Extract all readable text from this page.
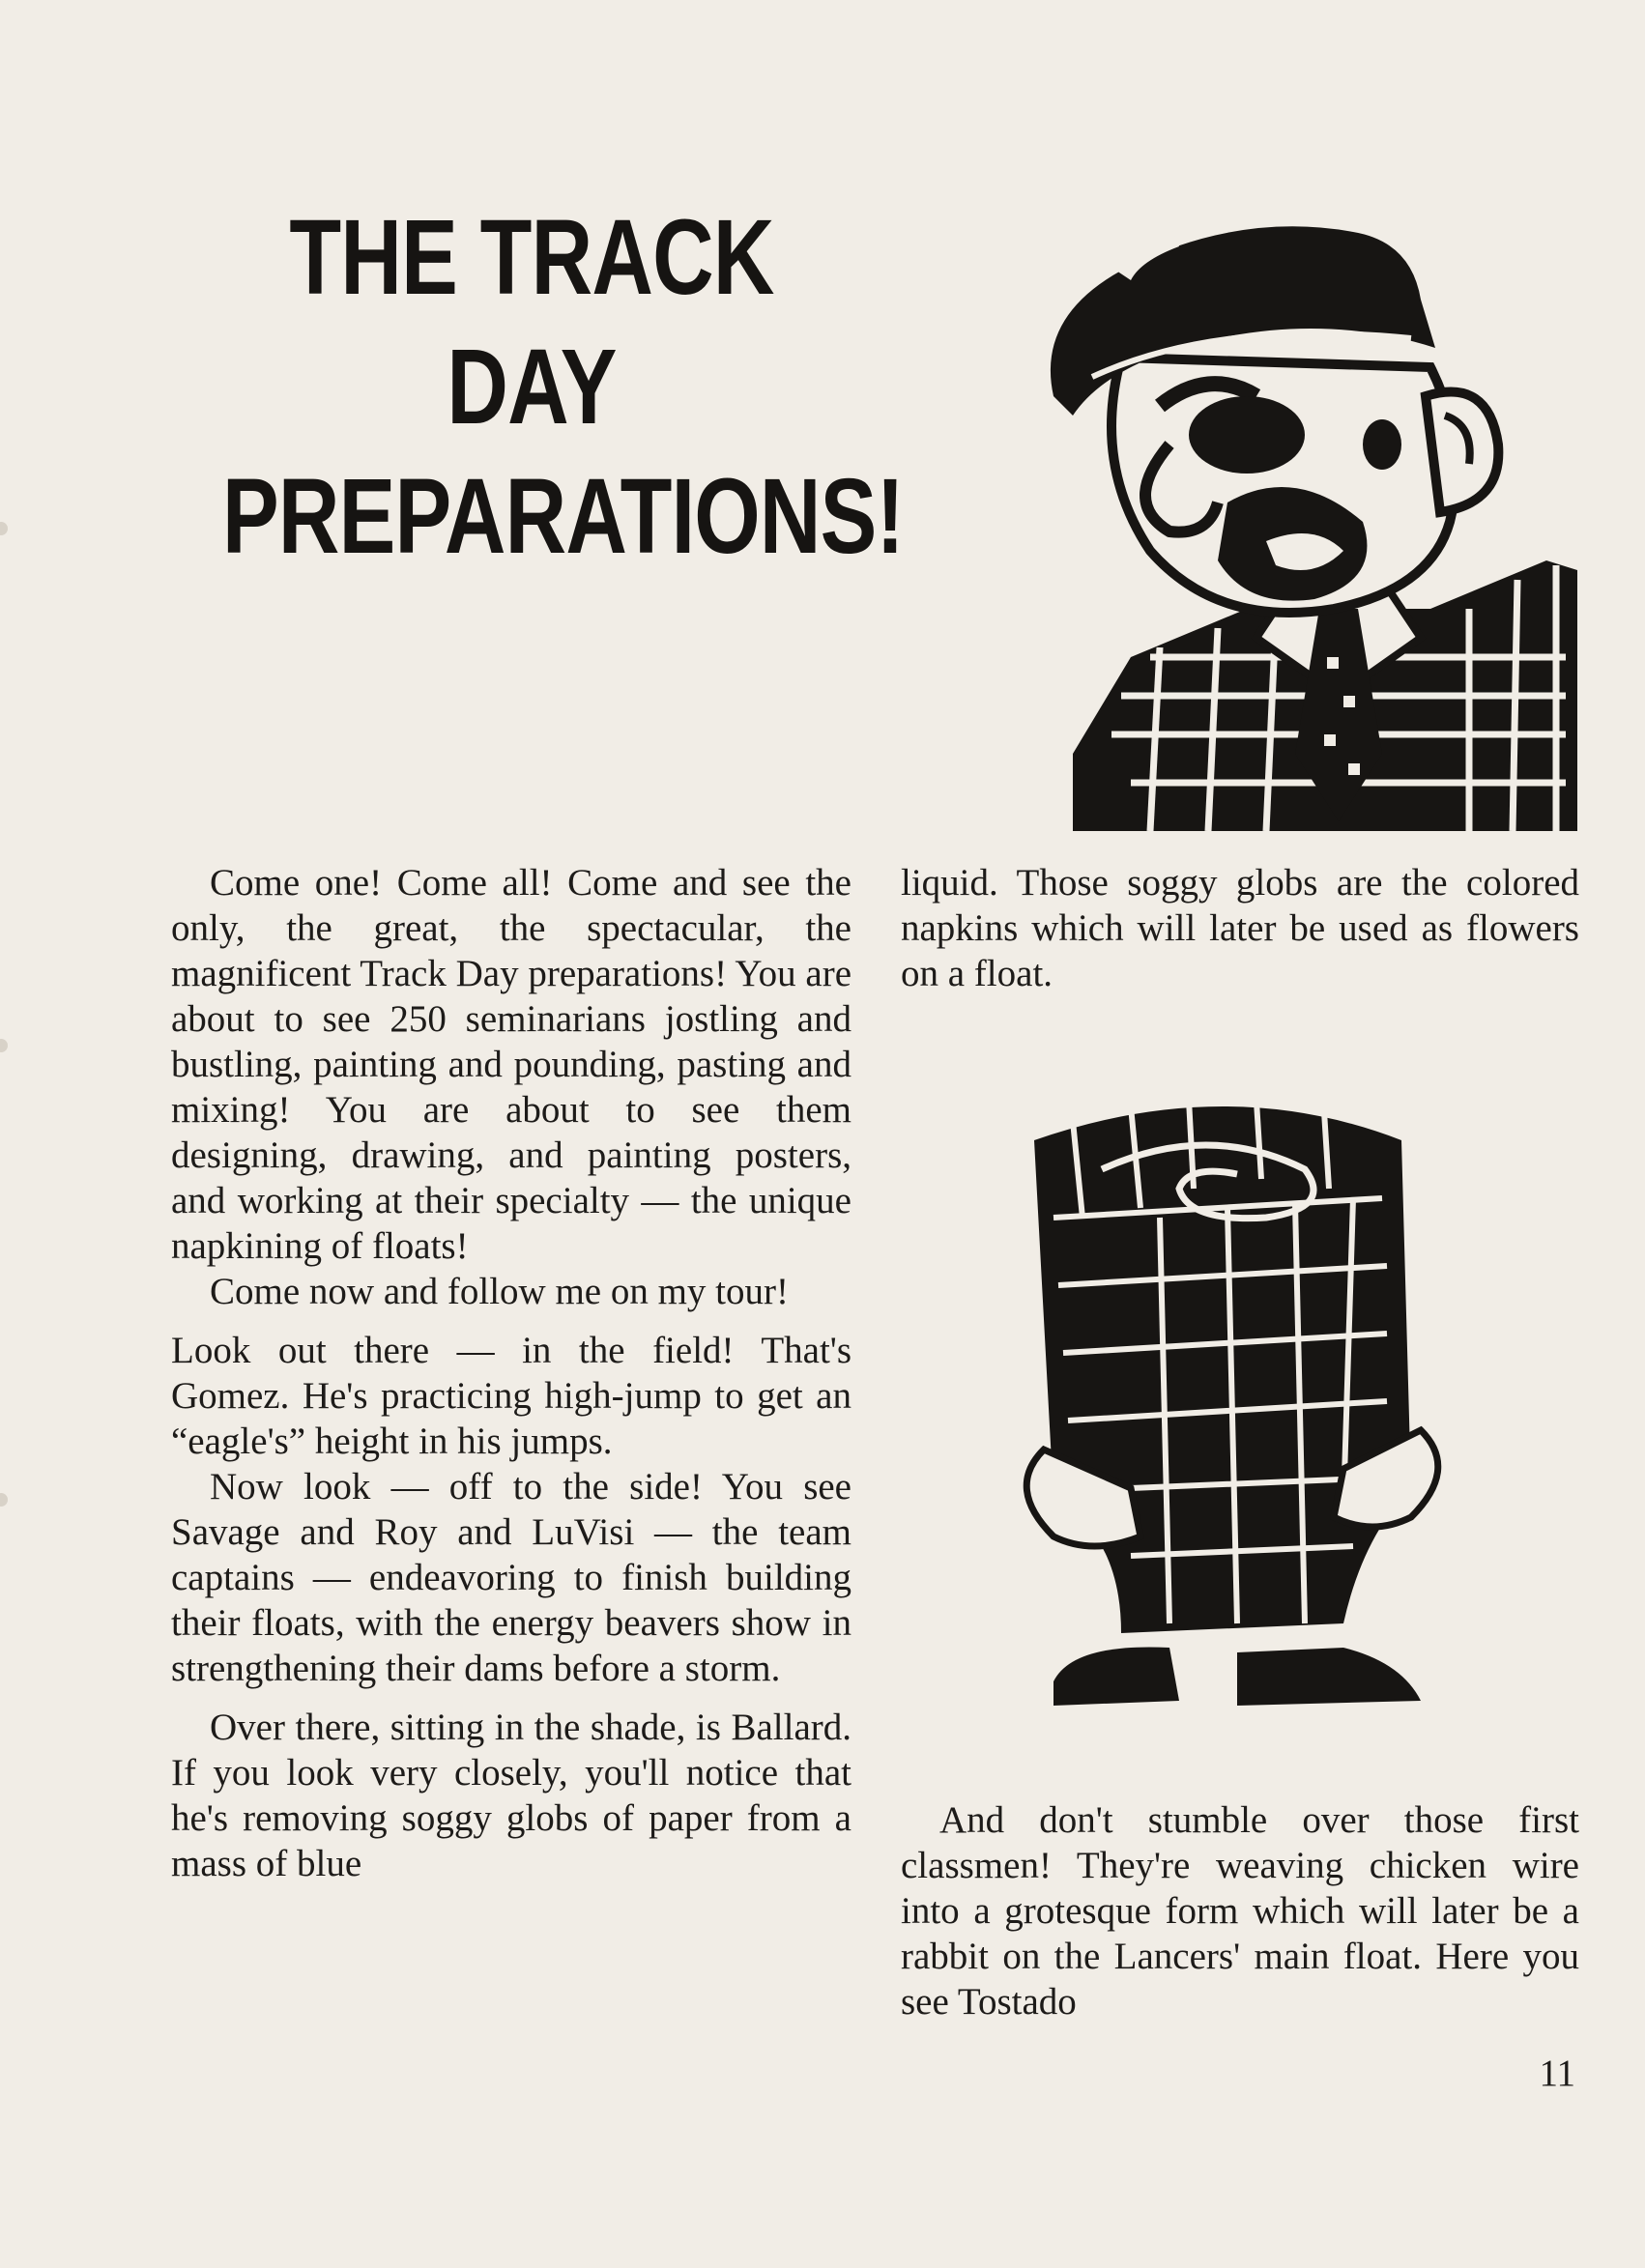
THE TRACK
DAY
PREPARATIONS!

Come one! Come all! Come and see the only, the great, the spectacular, the magnificent Track Day preparations! You are about to see 250 seminarians jostling and bustling, painting and pounding, pasting and mixing! You are about to see them designing, drawing, and painting posters, and working at their specialty — the unique napkining of floats!

Come now and follow me on my tour!

Look out there — in the field! That's Gomez. He's practicing high-jump to get an “eagle's” height in his jumps.

Now look — off to the side! You see Savage and Roy and LuVisi — the team captains — endeavoring to finish building their floats, with the energy beavers show in strengthening their dams before a storm.

Over there, sitting in the shade, is Ballard. If you look very closely, you'll notice that he's removing soggy globs of paper from a mass of blue

liquid. Those soggy globs are the colored napkins which will later be used as flowers on a float.

And don't stumble over those first classmen! They're weaving chicken wire into a grotesque form which will later be a rabbit on the Lancers' main float. Here you see Tostado

11
